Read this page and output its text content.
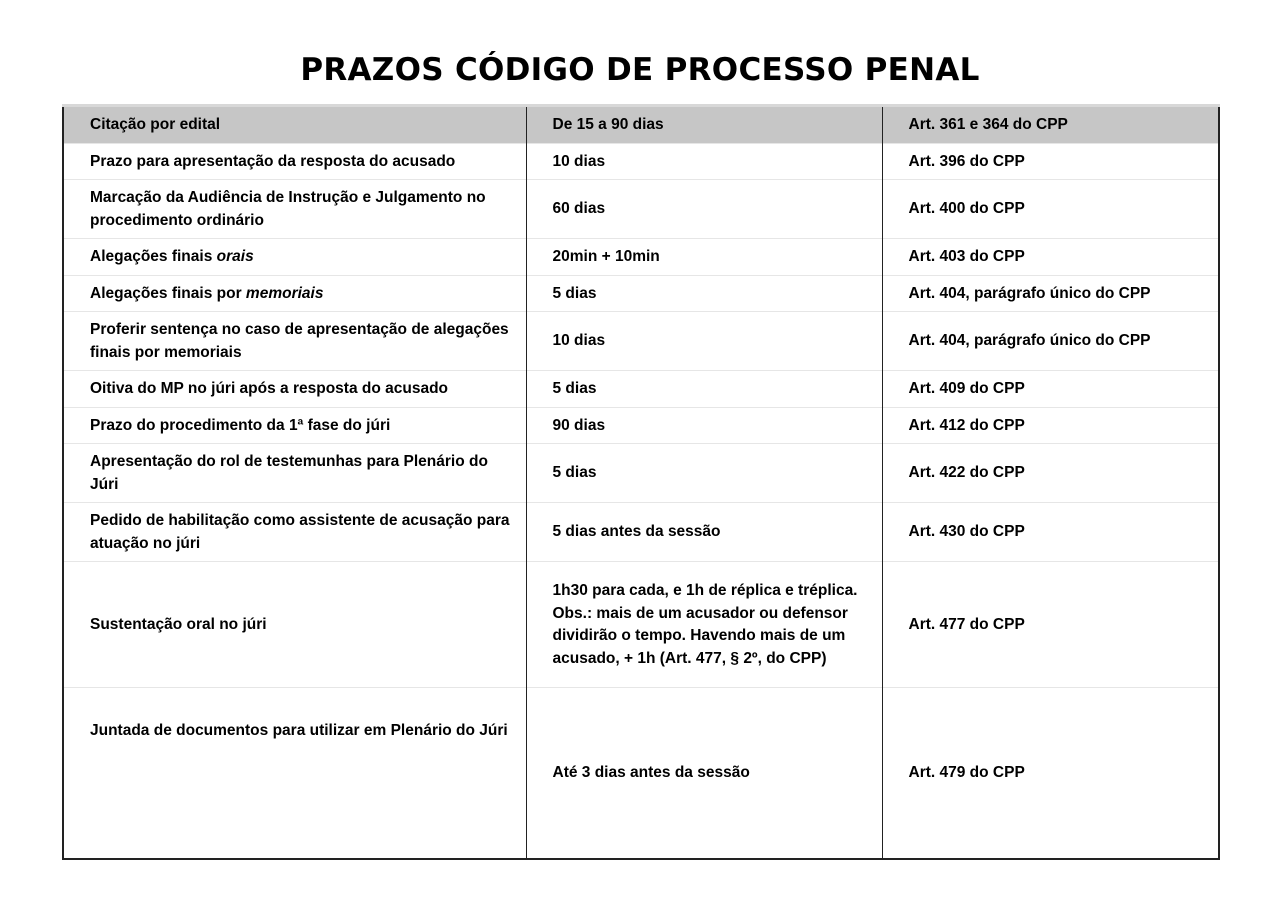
PRAZOS CÓDIGO DE PROCESSO PENAL
Citação por edital	De 15 a 90 dias	Art. 361 e 364 do CPP
Prazo para apresentação da resposta do acusado	10 dias	Art. 396 do CPP
Marcação da Audiência de Instrução e Julgamento no procedimento ordinário	60 dias	Art. 400 do CPP
Alegações finais orais	20min + 10min	Art. 403 do CPP
Alegações finais por memoriais	5 dias	Art. 404, parágrafo único do CPP
Proferir sentença no caso de apresentação de alegações finais por memoriais	10 dias	Art. 404, parágrafo único do CPP
Oitiva do MP no júri após a resposta do acusado	5 dias	Art. 409 do CPP
Prazo do procedimento da 1ª fase do júri	90 dias	Art. 412 do CPP
Apresentação do rol de testemunhas para Plenário do Júri	5 dias	Art. 422 do CPP
Pedido de habilitação como assistente de acusação para atuação no júri	5 dias antes da sessão	Art. 430 do CPP
Sustentação oral no júri	1h30 para cada, e 1h de réplica e tréplica. Obs.: mais de um acusador ou defensor dividirão o tempo. Havendo mais de um acusado, + 1h (Art. 477, § 2º, do CPP)	Art. 477 do CPP
Juntada de documentos para utilizar em Plenário do Júri	Até 3 dias antes da sessão	Art. 479 do CPP
